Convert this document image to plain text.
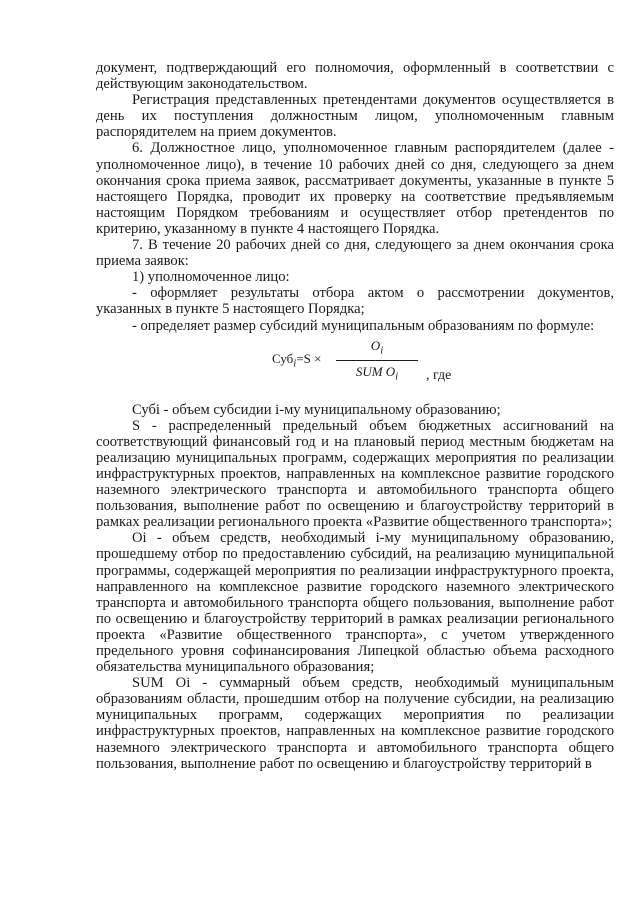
документ, подтверждающий его полномочия, оформленный в соответствии с действующим законодательством.

Регистрация представленных претендентами документов осуществляется в день их поступления должностным лицом, уполномоченным главным распорядителем на прием документов.

6. Должностное лицо, уполномоченное главным распорядителем (далее - уполномоченное лицо), в течение 10 рабочих дней со дня, следующего за днем окончания срока приема заявок, рассматривает документы, указанные в пункте 5 настоящего Порядка, проводит их проверку на соответствие предъявляемым настоящим Порядком требованиям и осуществляет отбор претендентов по критерию, указанному в пункте 4 настоящего Порядка.

7. В течение 20 рабочих дней со дня, следующего за днем окончания срока приема заявок:

1) уполномоченное лицо:

- оформляет результаты отбора актом о рассмотрении документов, указанных в пункте 5 настоящего Порядка;

- определяет размер субсидий муниципальным образованиям по формуле:

Суб$_i$=S ×
$O_i$
SUM $O_i$	, где

Субi - объем субсидии i-му муниципальному образованию;

S - распределенный предельный объем бюджетных ассигнований на соответствующий финансовый год и на плановый период местным бюджетам на реализацию муниципальных программ, содержащих мероприятия по реализации инфраструктурных проектов, направленных на комплексное развитие городского наземного электрического транспорта и автомобильного транспорта общего пользования, выполнение работ по освещению и благоустройству территорий в рамках реализации регионального проекта «Развитие общественного транспорта»;

Oi - объем средств, необходимый i-му муниципальному образованию, прошедшему отбор по предоставлению субсидий, на реализацию муниципальной программы, содержащей мероприятия по реализации инфраструктурного проекта, направленного на комплексное развитие городского наземного электрического транспорта и автомобильного транспорта общего пользования, выполнение работ по освещению и благоустройству территорий в рамках реализации регионального проекта «Развитие общественного транспорта», с учетом утвержденного предельного уровня софинансирования Липецкой областью объема расходного обязательства муниципального образования;

SUM Oi - суммарный объем средств, необходимый муниципальным образованиям области, прошедшим отбор на получение субсидии, на реализацию муниципальных программ, содержащих мероприятия по реализации инфраструктурных проектов, направленных на комплексное развитие городского наземного электрического транспорта и автомобильного транспорта общего пользования, выполнение работ по освещению и благоустройству территорий в
